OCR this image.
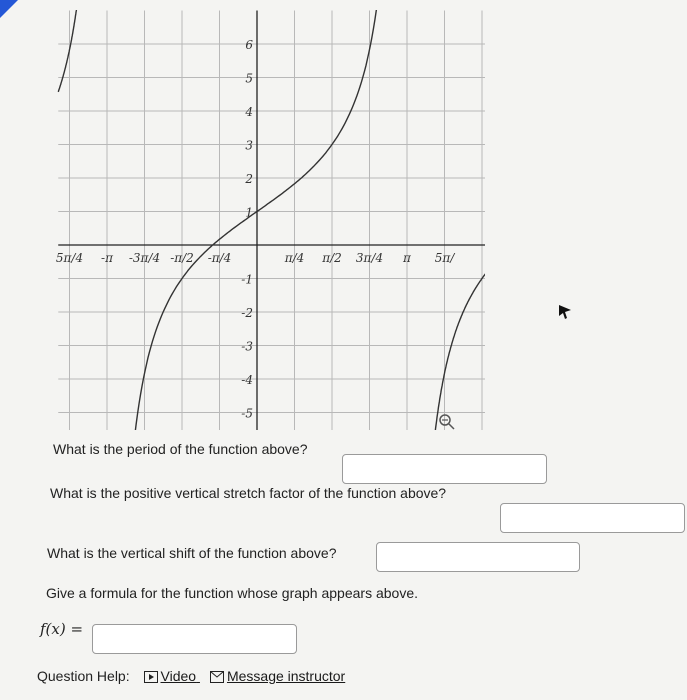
5π/4 -π -3π/4 -π/2 -π/4	π/4 π/2 3π/4 π 5π/
6
5
4
3
2
1
-1
-2
-3
-4
-5
What is the period of the function above?
What is the positive vertical stretch factor of the function above?
What is the vertical shift of the function above?
Give a formula for the function whose graph appears above.
f(x) =
Question Help: Video Message instructor
